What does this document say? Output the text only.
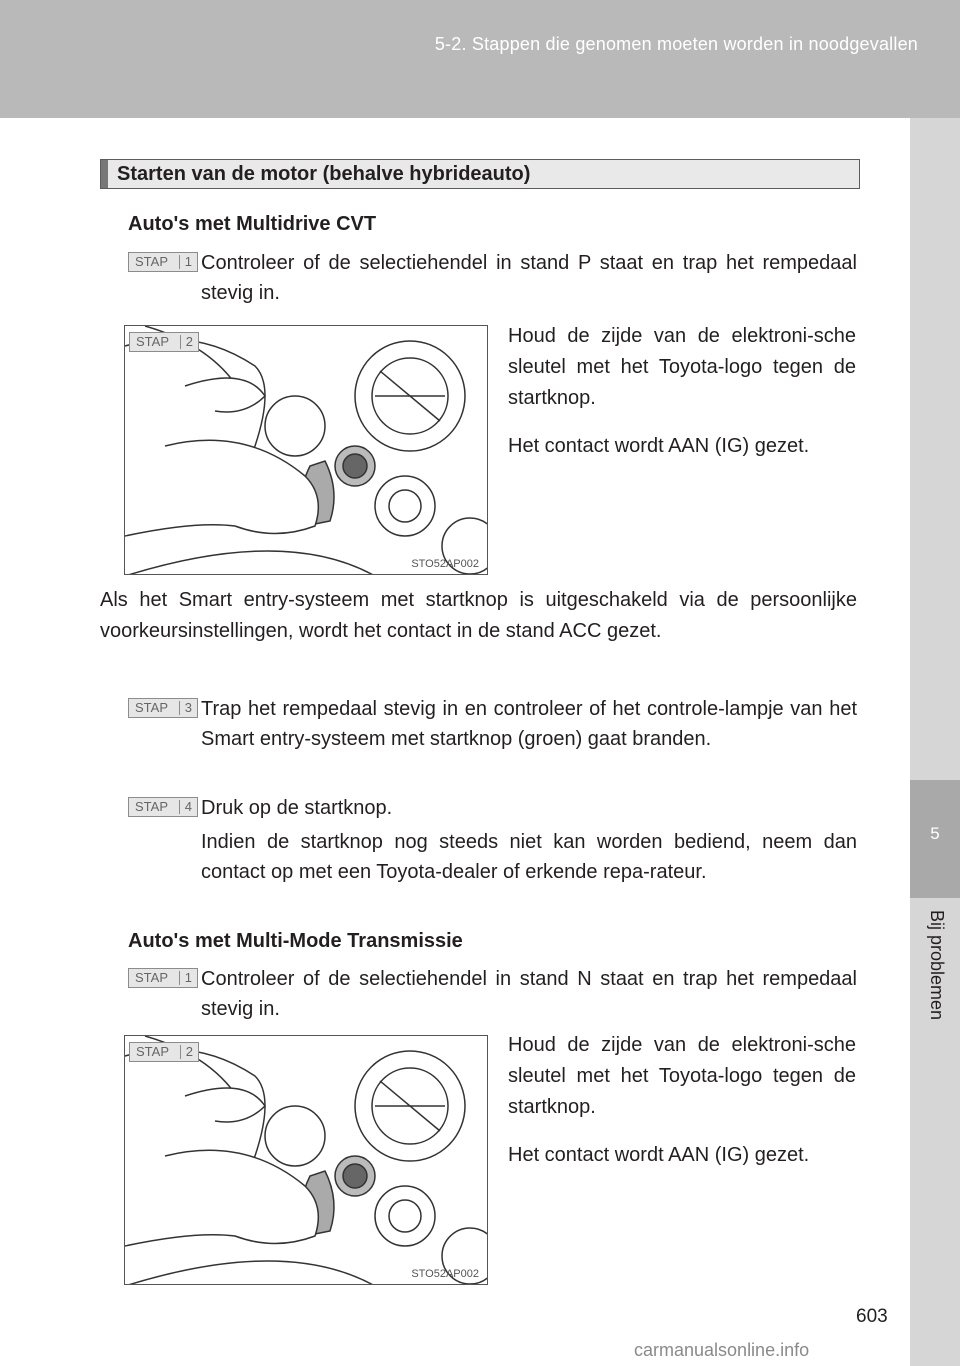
5-2. Stappen die genomen moeten worden in noodgevallen
5
Bij problemen
Starten van de motor (behalve hybrideauto)
Auto's met Multidrive CVT
STAP 1 Controleer of de selectiehendel in stand P staat en trap het rempedaal stevig in.
STAP 2
STO52AP002
Houd de zijde van de elektroni-sche sleutel met het Toyota-logo tegen de startknop.
Het contact wordt AAN (IG) gezet.
Als het Smart entry-systeem met startknop is uitgeschakeld via de persoonlijke voorkeursinstellingen, wordt het contact in de stand ACC gezet.
STAP 3 Trap het rempedaal stevig in en controleer of het controle-lampje van het Smart entry-systeem met startknop (groen) gaat branden.
STAP 4 Druk op de startknop.
Indien de startknop nog steeds niet kan worden bediend, neem dan contact op met een Toyota-dealer of erkende repa-rateur.
Auto's met Multi-Mode Transmissie
STAP 1 Controleer of de selectiehendel in stand N staat en trap het rempedaal stevig in.
STAP 2
STO52AP002
Houd de zijde van de elektroni-sche sleutel met het Toyota-logo tegen de startknop.
Het contact wordt AAN (IG) gezet.
603
carmanualsonline.info
